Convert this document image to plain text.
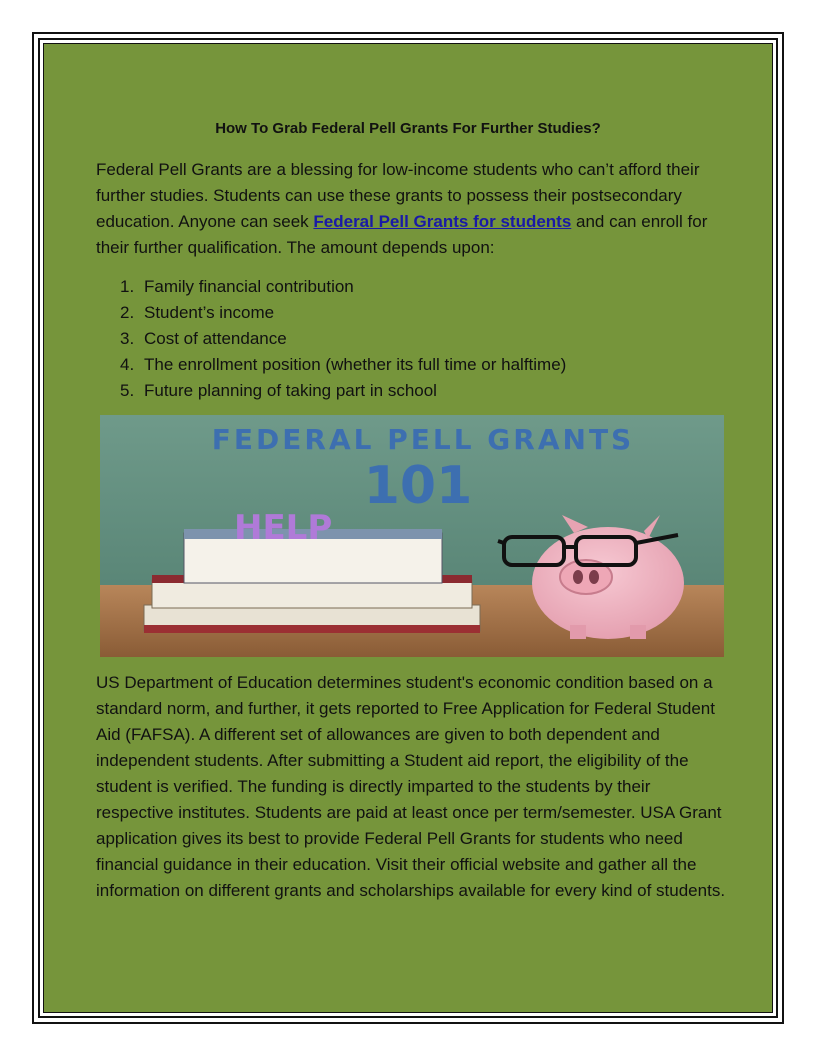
How To Grab Federal Pell Grants For Further Studies?

Federal Pell Grants are a blessing for low-income students who can’t afford their further studies. Students can use these grants to possess their postsecondary education. Anyone can seek Federal Pell Grants for students and can enroll for their further qualification. The amount depends upon:

1. Family financial contribution
2. Student’s income
3. Cost of attendance
4. The enrollment position (whether its full time or halftime)
5. Future planning of taking part in school
FEDERAL PELL GRANTS
101
HELP

US Department of Education determines student's economic condition based on a standard norm, and further, it gets reported to Free Application for Federal Student Aid (FAFSA). A different set of allowances are given to both dependent and independent students. After submitting a Student aid report, the eligibility of the student is verified. The funding is directly imparted to the students by their respective institutes. Students are paid at least once per term/semester. USA Grant application gives its best to provide Federal Pell Grants for students who need financial guidance in their education. Visit their official website and gather all the information on different grants and scholarships available for every kind of students.
